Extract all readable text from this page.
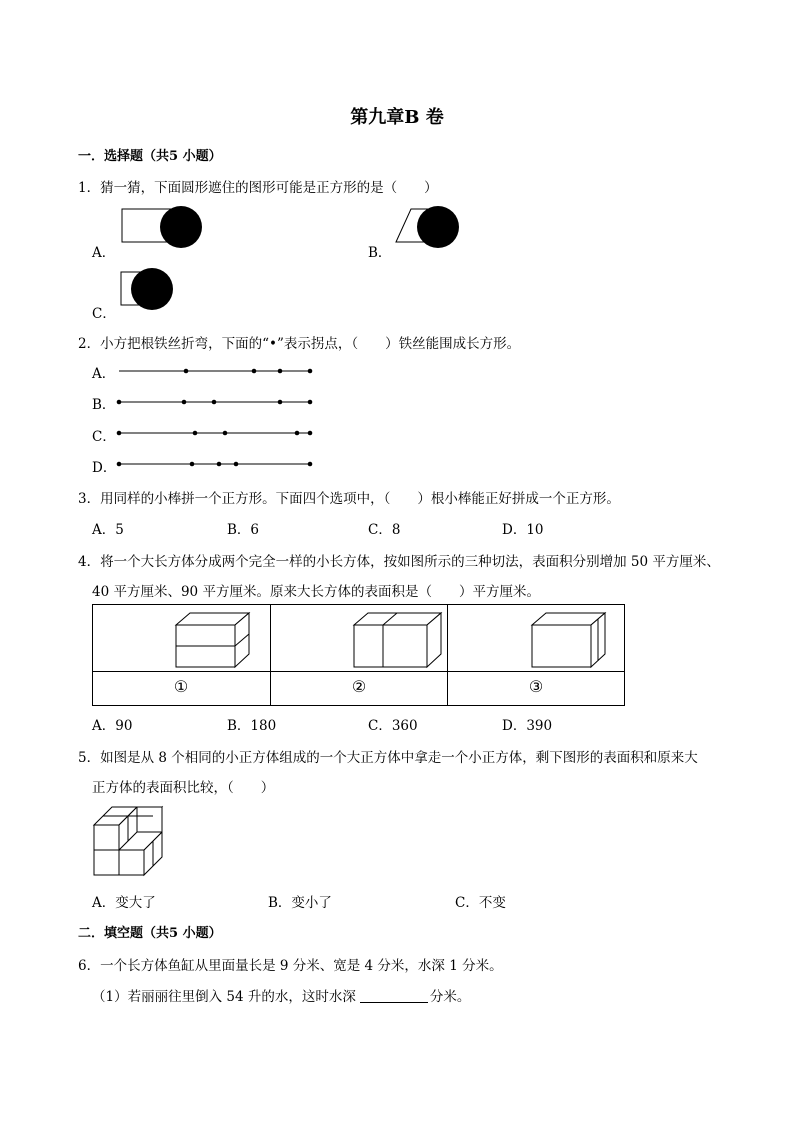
第九章B 卷
一．选择题（共5 小题）
1．猜一猜，下面圆形遮住的图形可能是正方形的是（　　）
A．	B．
C．
2．小方把根铁丝折弯，下面的“•”表示拐点，（　　）铁丝能围成长方形。
A．
B．
C．
D．
3．用同样的小棒拼一个正方形。下面四个选项中，（　　）根小棒能正好拼成一个正方形。
A．5	B．6	C．8	D．10
4．将一个大长方体分成两个完全一样的小长方体，按如图所示的三种切法，表面积分别增加 50 平方厘米、
40 平方厘米、90 平方厘米。原来大长方体的表面积是（　　）平方厘米。
①	②	③
A．90	B．180	C．360	D．390
5．如图是从 8 个相同的小正方体组成的一个大正方体中拿走一个小正方体，剩下图形的表面积和原来大
正方体的表面积比较，（　　）
A．变大了	B．变小了	C．不变
二．填空题（共5 小题）
6．一个长方体鱼缸从里面量长是 9 分米、宽是 4 分米，水深 1 分米。
（1）若丽丽往里倒入 54 升的水，这时水深	分米。
